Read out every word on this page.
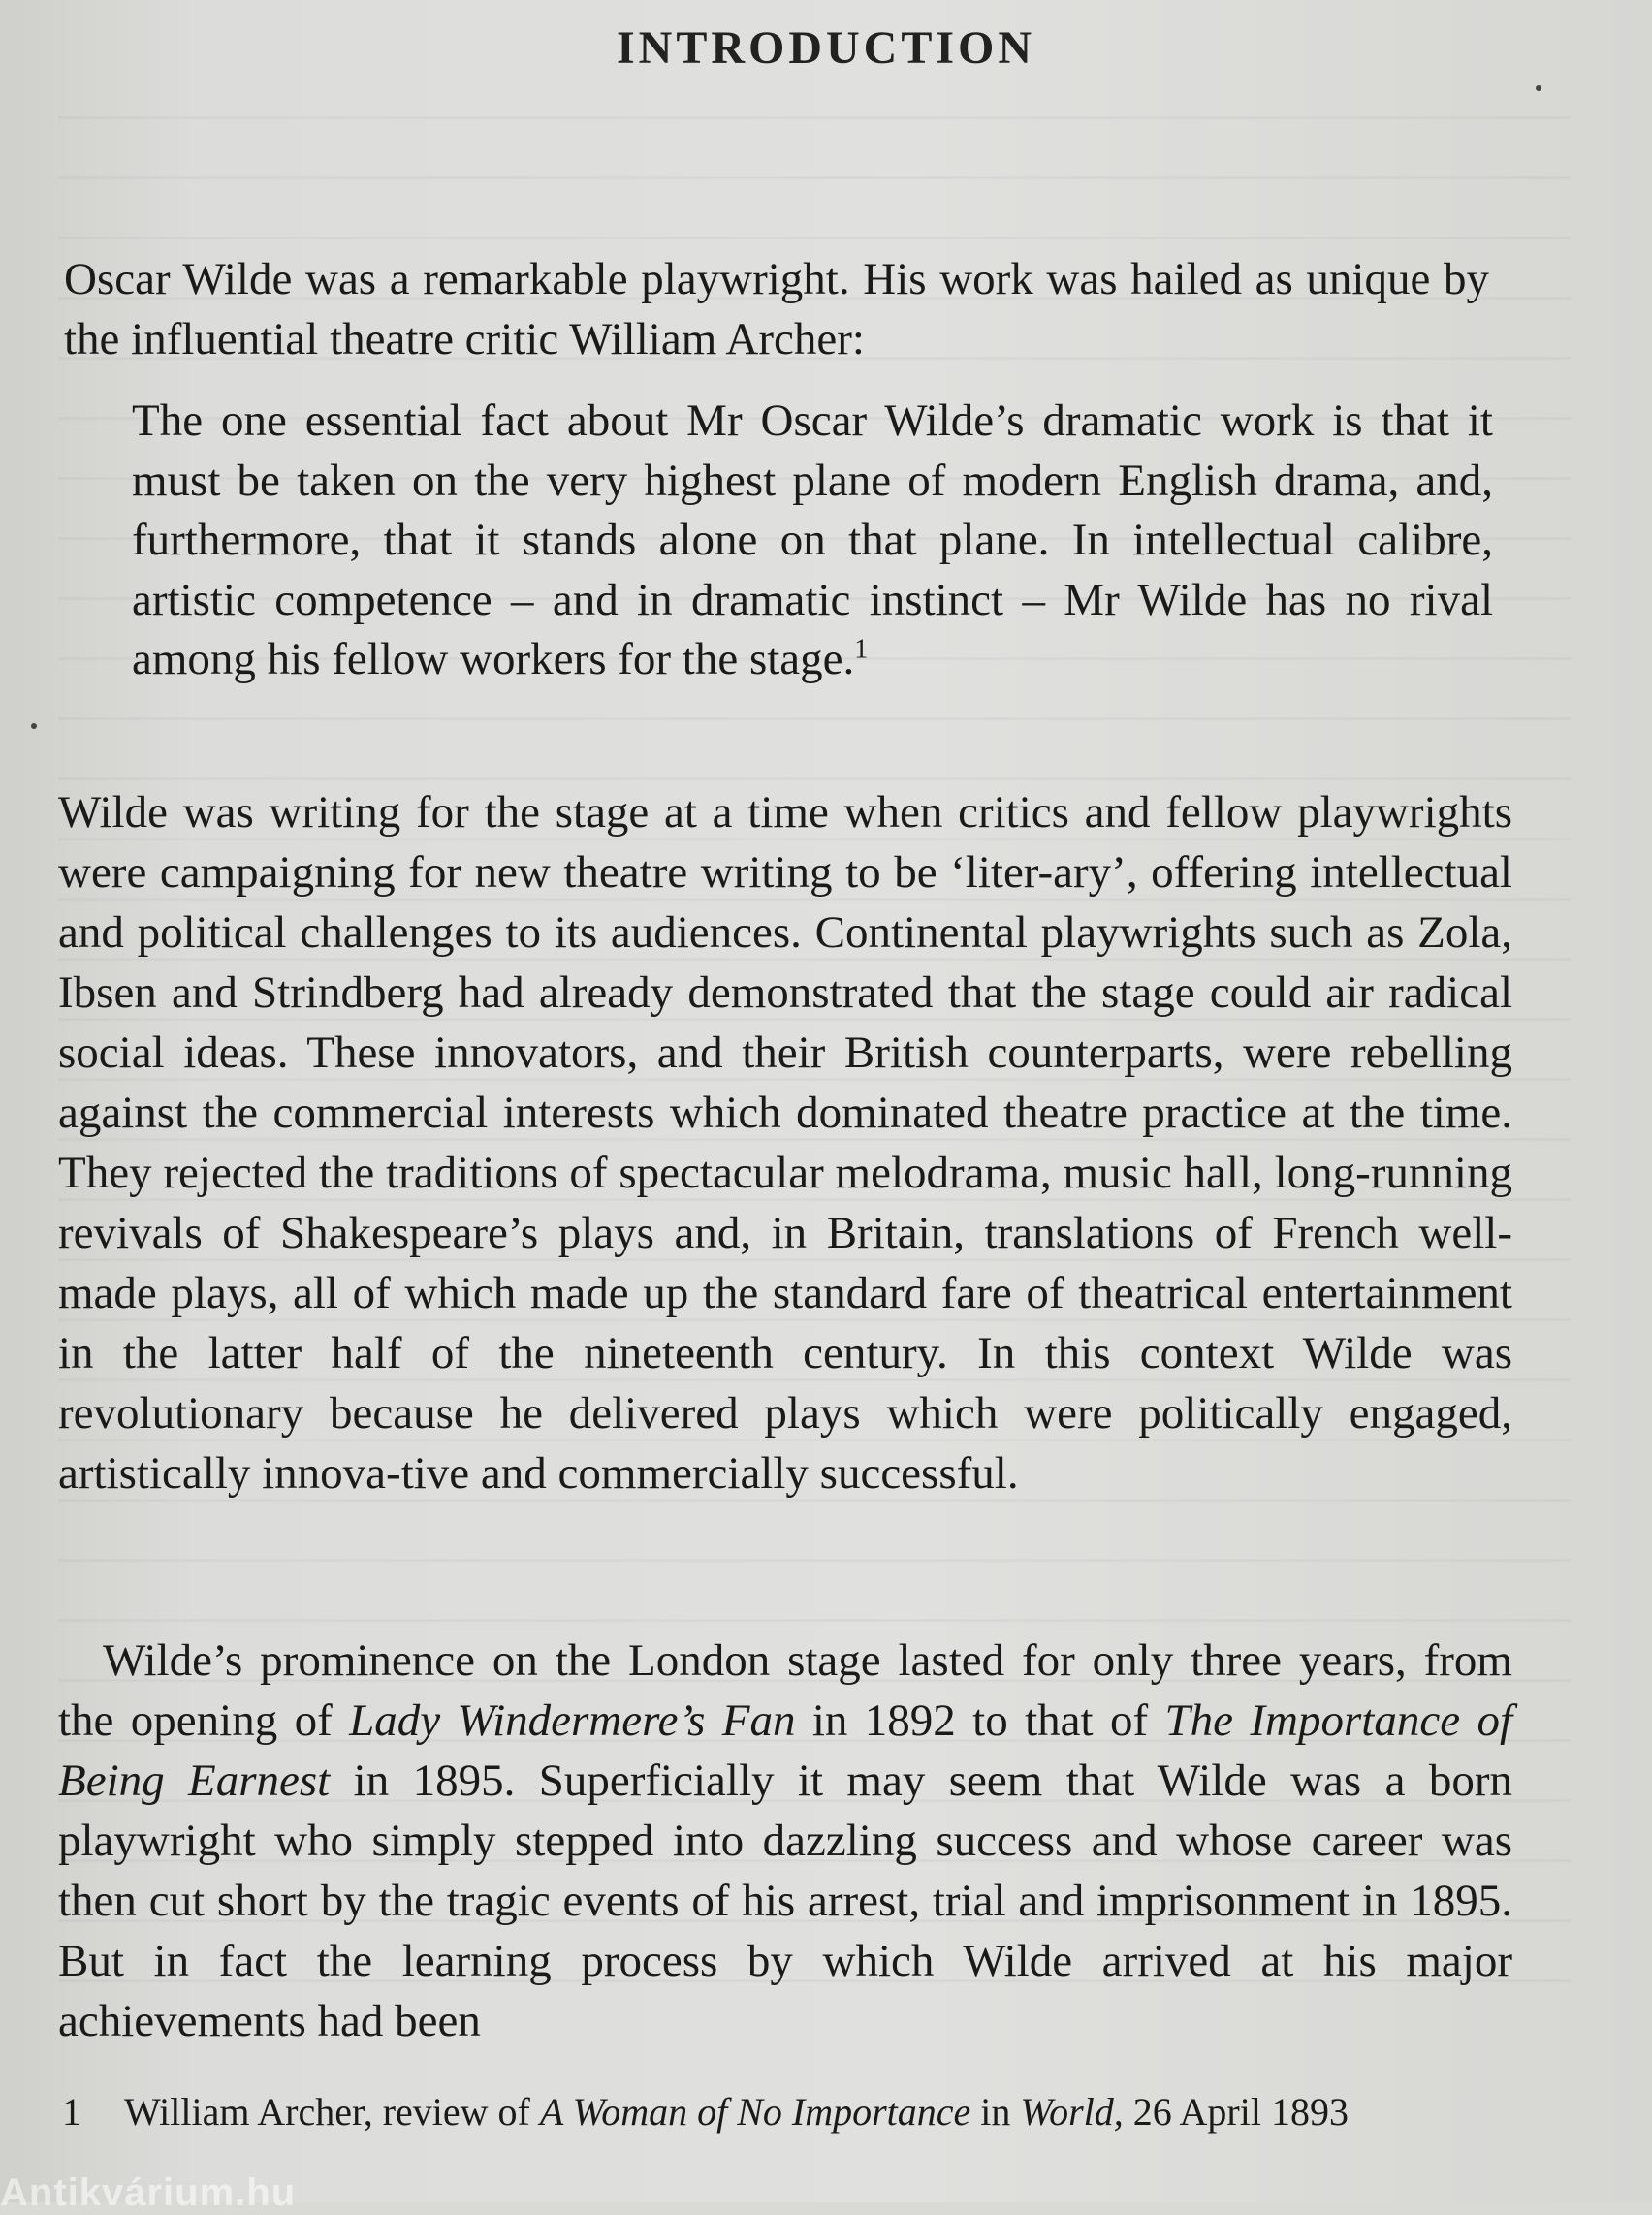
INTRODUCTION

Oscar Wilde was a remarkable playwright. His work was hailed as unique by the influential theatre critic William Archer:

The one essential fact about Mr Oscar Wilde’s dramatic work is that it must be taken on the very highest plane of modern English drama, and, furthermore, that it stands alone on that plane. In intellectual calibre, artistic competence – and in dramatic instinct – Mr Wilde has no rival among his fellow workers for the stage.$^1$

Wilde was writing for the stage at a time when critics and fellow playwrights were campaigning for new theatre writing to be ‘liter-ary’, offering intellectual and political challenges to its audiences. Continental playwrights such as Zola, Ibsen and Strindberg had already demonstrated that the stage could air radical social ideas. These innovators, and their British counterparts, were rebelling against the commercial interests which dominated theatre practice at the time. They rejected the traditions of spectacular melodrama, music hall, long-running revivals of Shakespeare’s plays and, in Britain, translations of French well-made plays, all of which made up the standard fare of theatrical entertainment in the latter half of the nineteenth century. In this context Wilde was revolutionary because he delivered plays which were politically engaged, artistically innova-tive and commercially successful.

Wilde’s prominence on the London stage lasted for only three years, from the opening of Lady Windermere’s Fan in 1892 to that of The Importance of Being Earnest in 1895. Superficially it may seem that Wilde was a born playwright who simply stepped into dazzling success and whose career was then cut short by the tragic events of his arrest, trial and imprisonment in 1895. But in fact the learning process by which Wilde arrived at his major achievements had been

1 William Archer, review of A Woman of No Importance in World, 26 April 1893
Antikvárium.hu
